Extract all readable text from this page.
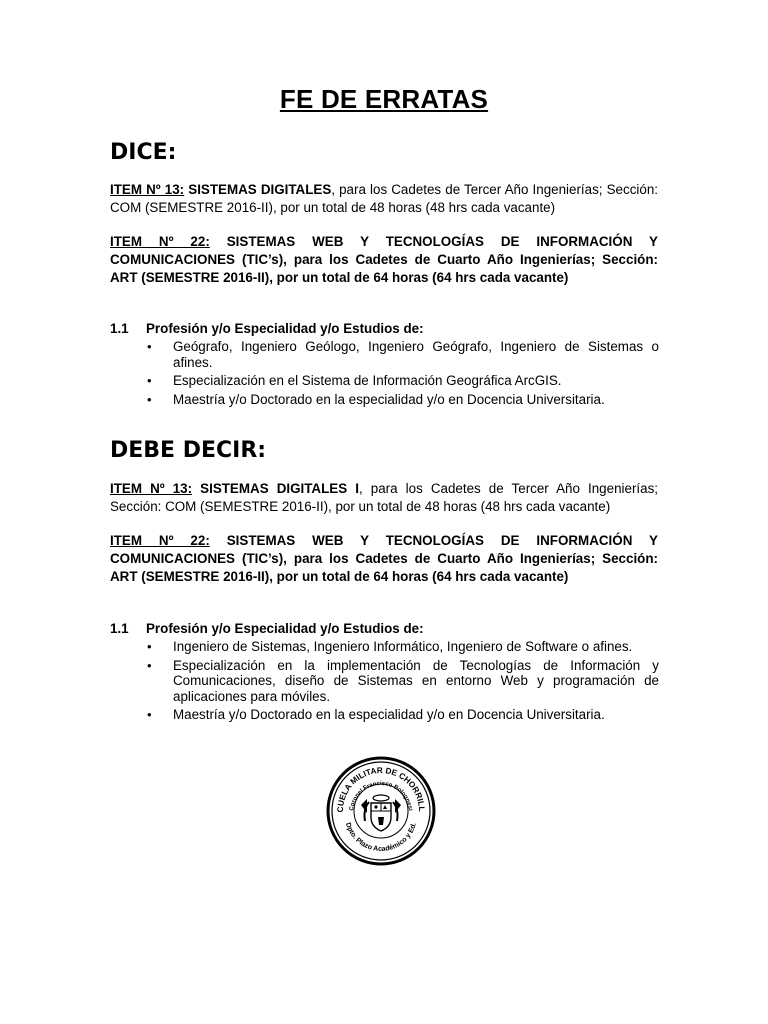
FE DE ERRATAS
DICE:
ITEM Nº 13: SISTEMAS DIGITALES, para los Cadetes de Tercer Año Ingenierías; Sección: COM (SEMESTRE 2016-II), por un total de 48 horas (48 hrs cada vacante)
ITEM Nº 22: SISTEMAS WEB Y TECNOLOGÍAS DE INFORMACIÓN Y COMUNICACIONES (TIC’s), para los Cadetes de Cuarto Año Ingenierías; Sección: ART (SEMESTRE 2016-II), por un total de 64 horas (64 hrs cada vacante)
1.1 Profesión y/o Especialidad y/o Estudios de:
• Geógrafo, Ingeniero Geólogo, Ingeniero Geógrafo, Ingeniero de Sistemas o afines.
• Especialización en el Sistema de Información Geográfica ArcGIS.
• Maestría y/o Doctorado en la especialidad y/o en Docencia Universitaria.
DEBE DECIR:
ITEM Nº 13: SISTEMAS DIGITALES I, para los Cadetes de Tercer Año Ingenierías; Sección: COM (SEMESTRE 2016-II), por un total de 48 horas (48 hrs cada vacante)
ITEM Nº 22: SISTEMAS WEB Y TECNOLOGÍAS DE INFORMACIÓN Y COMUNICACIONES (TIC’s), para los Cadetes de Cuarto Año Ingenierías; Sección: ART (SEMESTRE 2016-II), por un total de 64 horas (64 hrs cada vacante)
1.1 Profesión y/o Especialidad y/o Estudios de:
• Ingeniero de Sistemas, Ingeniero Informático, Ingeniero de Software o afines.
• Especialización en la implementación de Tecnologías de Información y Comunicaciones, diseño de Sistemas en entorno Web y programación de aplicaciones para móviles.
• Maestría y/o Doctorado en la especialidad y/o en Docencia Universitaria.
CUELA MILITAR DE CHORRILL
Coronel Francisco Bolognesi
Dpto. Plazo Académico y Ed.
